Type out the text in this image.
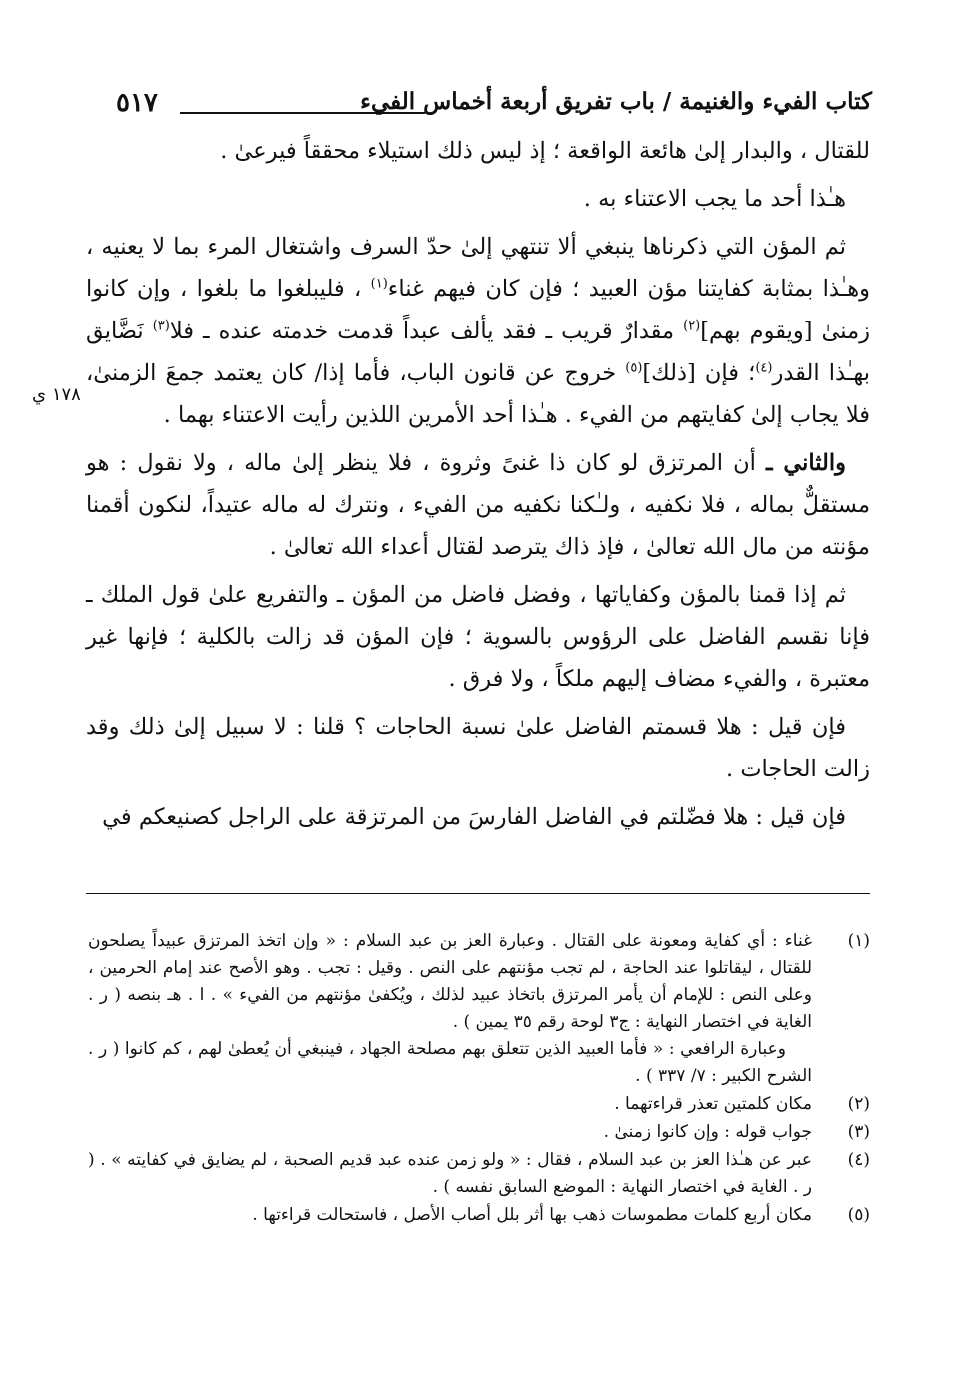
٥١٧	كتاب الفيء والغنيمة / باب تفريق أربعة أخماس الفيء
١٧٨ ي

للقتال ، والبدار إلىٰ هائعة الواقعة ؛ إذ ليس ذلك استيلاء محققاً فيرعىٰ .

هـٰذا أحد ما يجب الاعتناء به .

ثم المؤن التي ذكرناها ينبغي ألا تنتهي إلىٰ حدّ السرف واشتغال المرء بما لا يعنيه ، وهـٰذا بمثابة كفايتنا مؤن العبيد ؛ فإن كان فيهم غناء$^{(١)}$ ، فليبلغوا ما بلغوا ، وإن كانوا زمنىٰ [ويقوم بهم]$^{(٢)}$ مقدارٌ قريب ـ فقد يألف عبداً قدمت خدمته عنده ـ فلا$^{(٣)}$ نَضَّايق بهـٰذا القدر$^{(٤)}$؛ فإن [ذلك]$^{(٥)}$ خروج عن قانون الباب، فأما إذا/ كان يعتمد جمعَ الزمنىٰ، فلا يجاب إلىٰ كفايتهم من الفيء . هـٰذا أحد الأمرين اللذين رأيت الاعتناء بهما .

والثاني ـ أن المرتزق لو كان ذا غنىً وثروة ، فلا ينظر إلىٰ ماله ، ولا نقول : هو مستقلٌّ بماله ، فلا نكفيه ، ولـٰكنا نكفيه من الفيء ، ونترك له ماله عتيداً، لنكون أقمنا مؤنته من مال الله تعالىٰ ، فإذ ذاك يترصد لقتال أعداء الله تعالىٰ .

ثم إذا قمنا بالمؤن وكفاياتها ، وفضل فاضل من المؤن ـ والتفريع علىٰ قول الملك ـ فإنا نقسم الفاضل على الرؤوس بالسوية ؛ فإن المؤن قد زالت بالكلية ؛ فإنها غير معتبرة ، والفيء مضاف إليهم ملكاً ، ولا فرق .

فإن قيل : هلا قسمتم الفاضل علىٰ نسبة الحاجات ؟ قلنا : لا سبيل إلىٰ ذلك وقد زالت الحاجات .

فإن قيل : هلا فضّلتم في الفاضل الفارسَ من المرتزقة على الراجل كصنيعكم في

(١)
غناء : أي كفاية ومعونة على القتال . وعبارة العز بن عبد السلام : « وإن اتخذ المرتزق عبيداً يصلحون للقتال ، ليقاتلوا عند الحاجة ، لم تجب مؤنتهم على النص . وقيل : تجب . وهو الأصح عند إمام الحرمين ، وعلى النص : للإمام أن يأمر المرتزق باتخاذ عبيد لذلك ، ويُكفىٰ مؤنتهم من الفيء » . ا . هـ بنصه ( ر . الغاية في اختصار النهاية : ج٣ لوحة رقم ٣٥ يمين ) .
وعبارة الرافعي : « فأما العبيد الذين تتعلق بهم مصلحة الجهاد ، فينبغي أن يُعطىٰ لهم ، كم كانوا ( ر . الشرح الكبير : ٧/ ٣٣٧ ) .
(٢)
مكان كلمتين تعذر قراءتهما .
(٣)
جواب قوله : وإن كانوا زمنىٰ .
(٤)
عبر عن هـٰذا العز بن عبد السلام ، فقال : « ولو زمن عنده عبد قديم الصحبة ، لم يضايق في كفايته » . ( ر . الغاية في اختصار النهاية : الموضع السابق نفسه ) .
(٥)
مكان أربع كلمات مطموسات ذهب بها أثر بلل أصاب الأصل ، فاستحالت قراءتها .
